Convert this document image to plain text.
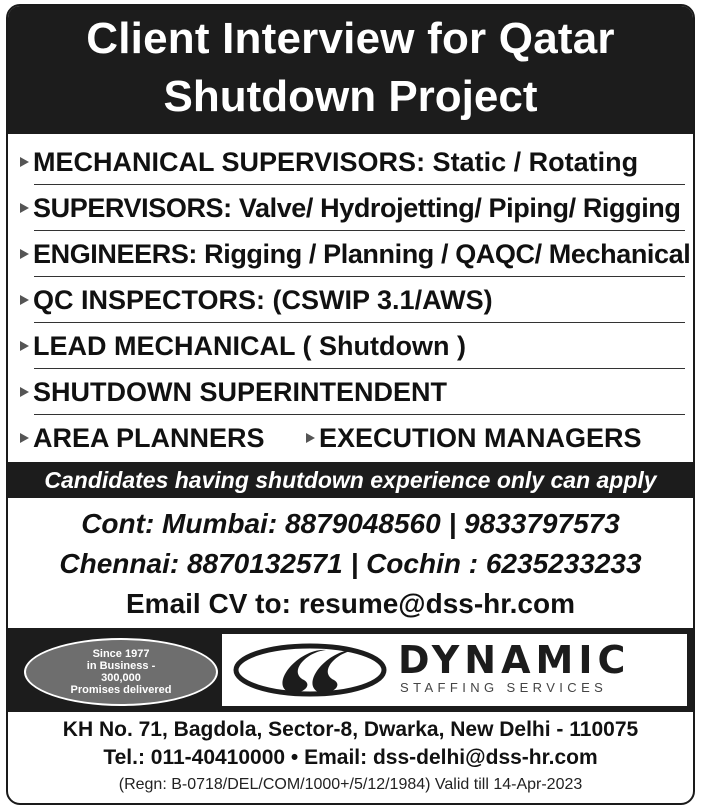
Client Interview for Qatar
Shutdown Project
MECHANICAL SUPERVISORS: Static / Rotating
SUPERVISORS: Valve/ Hydrojetting/ Piping/ Rigging
ENGINEERS: Rigging / Planning / QAQC/ Mechanical
QC INSPECTORS: (CSWIP 3.1/AWS)
LEAD MECHANICAL ( Shutdown )
SHUTDOWN SUPERINTENDENT
AREA PLANNERS EXECUTION MANAGERS
Candidates having shutdown experience only can apply
Cont: Mumbai: 8879048560 | 9833797573
Chennai: 8870132571 | Cochin : 6235233233
Email CV to: resume@dss-hr.com
Since 1977
in Business -
300,000
Promises delivered
DYNAMIC
STAFFING SERVICES
KH No. 71, Bagdola, Sector-8, Dwarka, New Delhi - 110075
Tel.: 011-40410000 • Email: dss-delhi@dss-hr.com
(Regn: B-0718/DEL/COM/1000+/5/12/1984) Valid till 14-Apr-2023
